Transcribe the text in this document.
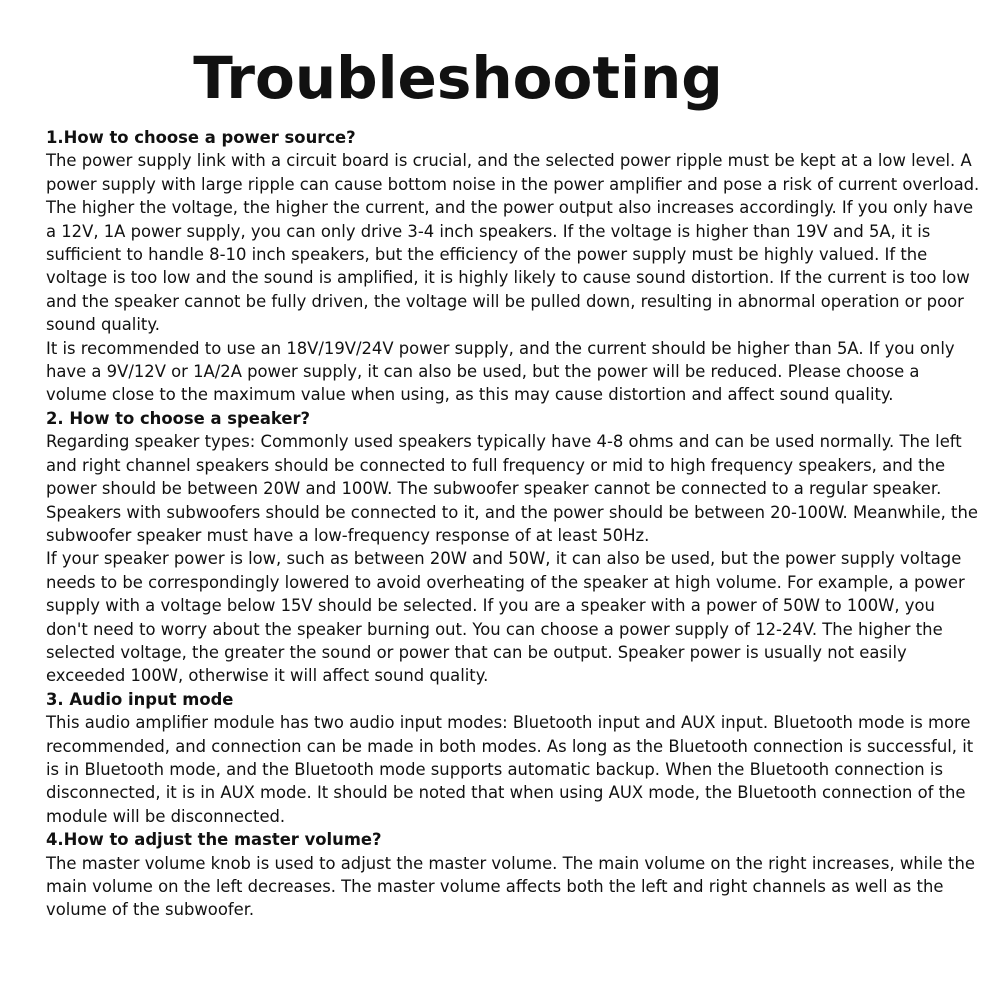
Troubleshooting

1.How to choose a power source?

The power supply link with a circuit board is crucial, and the selected power ripple must be kept at a low level. A power supply with large ripple can cause bottom noise in the power amplifier and pose a risk of current overload. The higher the voltage, the higher the current, and the power output also increases accordingly. If you only have a 12V, 1A power supply, you can only drive 3-4 inch speakers. If the voltage is higher than 19V and 5A, it is sufficient to handle 8-10 inch speakers, but the efficiency of the power supply must be highly valued. If the voltage is too low and the sound is amplified, it is highly likely to cause sound distortion. If the current is too low and the speaker cannot be fully driven, the voltage will be pulled down, resulting in abnormal operation or poor sound quality.

It is recommended to use an 18V/19V/24V power supply, and the current should be higher than 5A. If you only have a 9V/12V or 1A/2A power supply, it can also be used, but the power will be reduced. Please choose a volume close to the maximum value when using, as this may cause distortion and affect sound quality.

2. How to choose a speaker?

Regarding speaker types: Commonly used speakers typically have 4-8 ohms and can be used normally. The left and right channel speakers should be connected to full frequency or mid to high frequency speakers, and the power should be between 20W and 100W. The subwoofer speaker cannot be connected to a regular speaker. Speakers with subwoofers should be connected to it, and the power should be between 20-100W. Meanwhile, the subwoofer speaker must have a low-frequency response of at least 50Hz.

If your speaker power is low, such as between 20W and 50W, it can also be used, but the power supply voltage needs to be correspondingly lowered to avoid overheating of the speaker at high volume. For example, a power supply with a voltage below 15V should be selected. If you are a speaker with a power of 50W to 100W, you don't need to worry about the speaker burning out. You can choose a power supply of 12-24V. The higher the selected voltage, the greater the sound or power that can be output. Speaker power is usually not easily exceeded 100W, otherwise it will affect sound quality.

3. Audio input mode

This audio amplifier module has two audio input modes: Bluetooth input and AUX input. Bluetooth mode is more recommended, and connection can be made in both modes. As long as the Bluetooth connection is successful, it is in Bluetooth mode, and the Bluetooth mode supports automatic backup. When the Bluetooth connection is disconnected, it is in AUX mode. It should be noted that when using AUX mode, the Bluetooth connection of the module will be disconnected.

4.How to adjust the master volume?

The master volume knob is used to adjust the master volume. The main volume on the right increases, while the main volume on the left decreases. The master volume affects both the left and right channels as well as the volume of the subwoofer.
